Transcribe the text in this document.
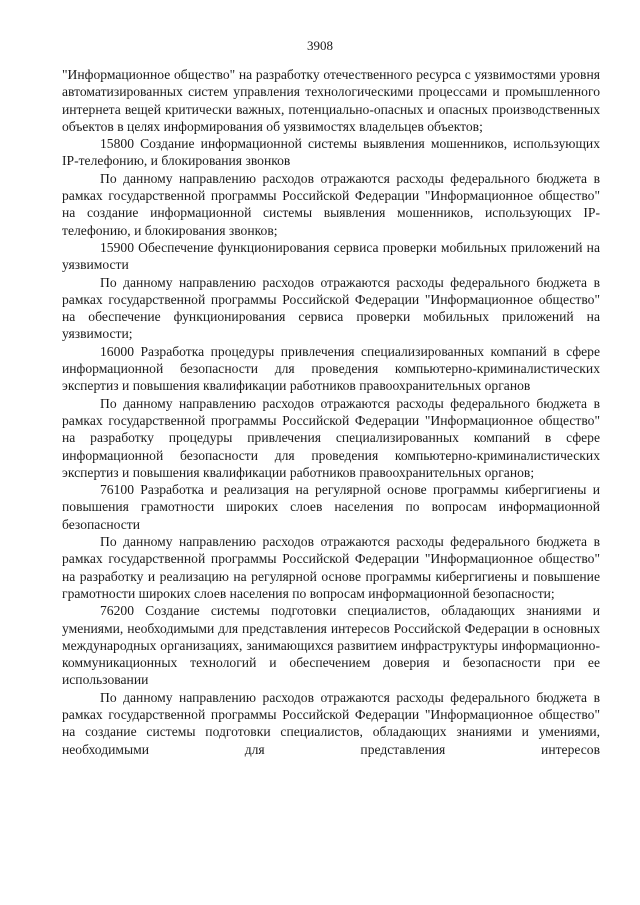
3908

"Информационное общество" на разработку отечественного ресурса с уязвимостями уровня автоматизированных систем управления технологическими процессами и промышленного интернета вещей критически важных, потенциально-опасных и опасных производственных объектов в целях информирования об уязвимостях владельцев объектов;

15800 Создание информационной системы выявления мошенников, использующих IP-телефонию, и блокирования звонков

По данному направлению расходов отражаются расходы федерального бюджета в рамках государственной программы Российской Федерации "Информационное общество" на создание информационной системы выявления мошенников, использующих IP-телефонию, и блокирования звонков;

15900 Обеспечение функционирования сервиса проверки мобильных приложений на уязвимости

По данному направлению расходов отражаются расходы федерального бюджета в рамках государственной программы Российской Федерации "Информационное общество" на обеспечение функционирования сервиса проверки мобильных приложений на уязвимости;

16000 Разработка процедуры привлечения специализированных компаний в сфере информационной безопасности для проведения компьютерно-криминалистических экспертиз и повышения квалификации работников правоохранительных органов

По данному направлению расходов отражаются расходы федерального бюджета в рамках государственной программы Российской Федерации "Информационное общество" на разработку процедуры привлечения специализированных компаний в сфере информационной безопасности для проведения компьютерно-криминалистических экспертиз и повышения квалификации работников правоохранительных органов;

76100 Разработка и реализация на регулярной основе программы кибергигиены и повышения грамотности широких слоев населения по вопросам информационной безопасности

По данному направлению расходов отражаются расходы федерального бюджета в рамках государственной программы Российской Федерации "Информационное общество" на разработку и реализацию на регулярной основе программы кибергигиены и повышение грамотности широких слоев населения по вопросам информационной безопасности;

76200 Создание системы подготовки специалистов, обладающих знаниями и умениями, необходимыми для представления интересов Российской Федерации в основных международных организациях, занимающихся развитием инфраструктуры информационно-коммуникационных технологий и обеспечением доверия и безопасности при ее использовании

По данному направлению расходов отражаются расходы федерального бюджета в рамках государственной программы Российской Федерации "Информационное общество" на создание системы подготовки специалистов, обладающих знаниями и умениями, необходимыми для представления интересов
